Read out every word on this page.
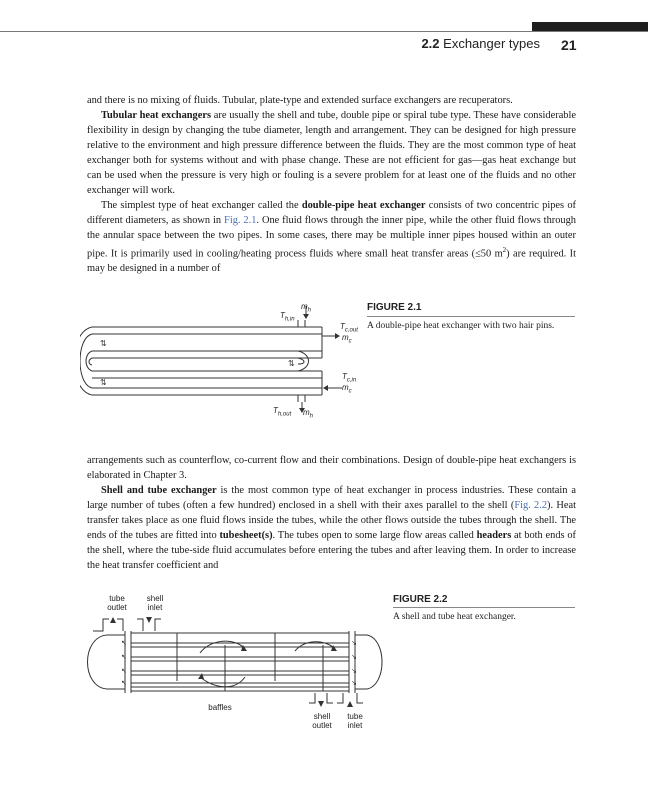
2.2 Exchanger types 21

and there is no mixing of fluids. Tubular, plate-type and extended surface exchangers are recuperators.

Tubular heat exchangers are usually the shell and tube, double pipe or spiral tube type. These have considerable flexibility in design by changing the tube diameter, length and arrangement. They can be designed for high pressure relative to the environment and high pressure difference between the fluids. They are the most common type of heat exchanger both for systems without and with phase change. These are not efficient for gas—gas heat exchange but can be used when the pressure is very high or fouling is a severe problem for at least one of the fluids and no other exchanger will work.

The simplest type of heat exchanger called the double-pipe heat exchanger consists of two concentric pipes of different diameters, as shown in Fig. 2.1. One fluid flows through the inner pipe, while the other fluid flows through the annular space between the two pipes. In some cases, there may be multiple inner pipes housed within an outer pipe. It is primarily used in cooling/heating process fluids where small heat transfer areas (≤50 $m^2$) are required. It may be designed in a number of

⇅
⇅
⇅
$m_h$
$T_{h,in}$
$T_{c,out}$
$m_c$
$T_{c,in}$
$m_c$
$T_{h,out}$ $m_h$
FIGURE 2.1
A double-pipe heat exchanger with two hair pins.

arrangements such as counterflow, co-current flow and their combinations. Design of double-pipe heat exchangers is elaborated in Chapter 3.

Shell and tube exchanger is the most common type of heat exchanger in process industries. These contain a large number of tubes (often a few hundred) enclosed in a shell with their axes parallel to the shell (Fig. 2.2). Heat transfer takes place as one fluid flows inside the tubes, while the other flows outside the tubes through the shell. The ends of the tubes are fitted into tubesheet(s). The tubes open to some large flow areas called headers at both ends of the shell, where the tube-side fluid accumulates before entering the tubes and after leaving them. In order to increase the heat transfer coefficient and

↖
↖
↖
↖
↘
↘
↘
↘
tube
outlet
shell
inlet
baffles
shell
outlet
tube
inlet
FIGURE 2.2
A shell and tube heat exchanger.
